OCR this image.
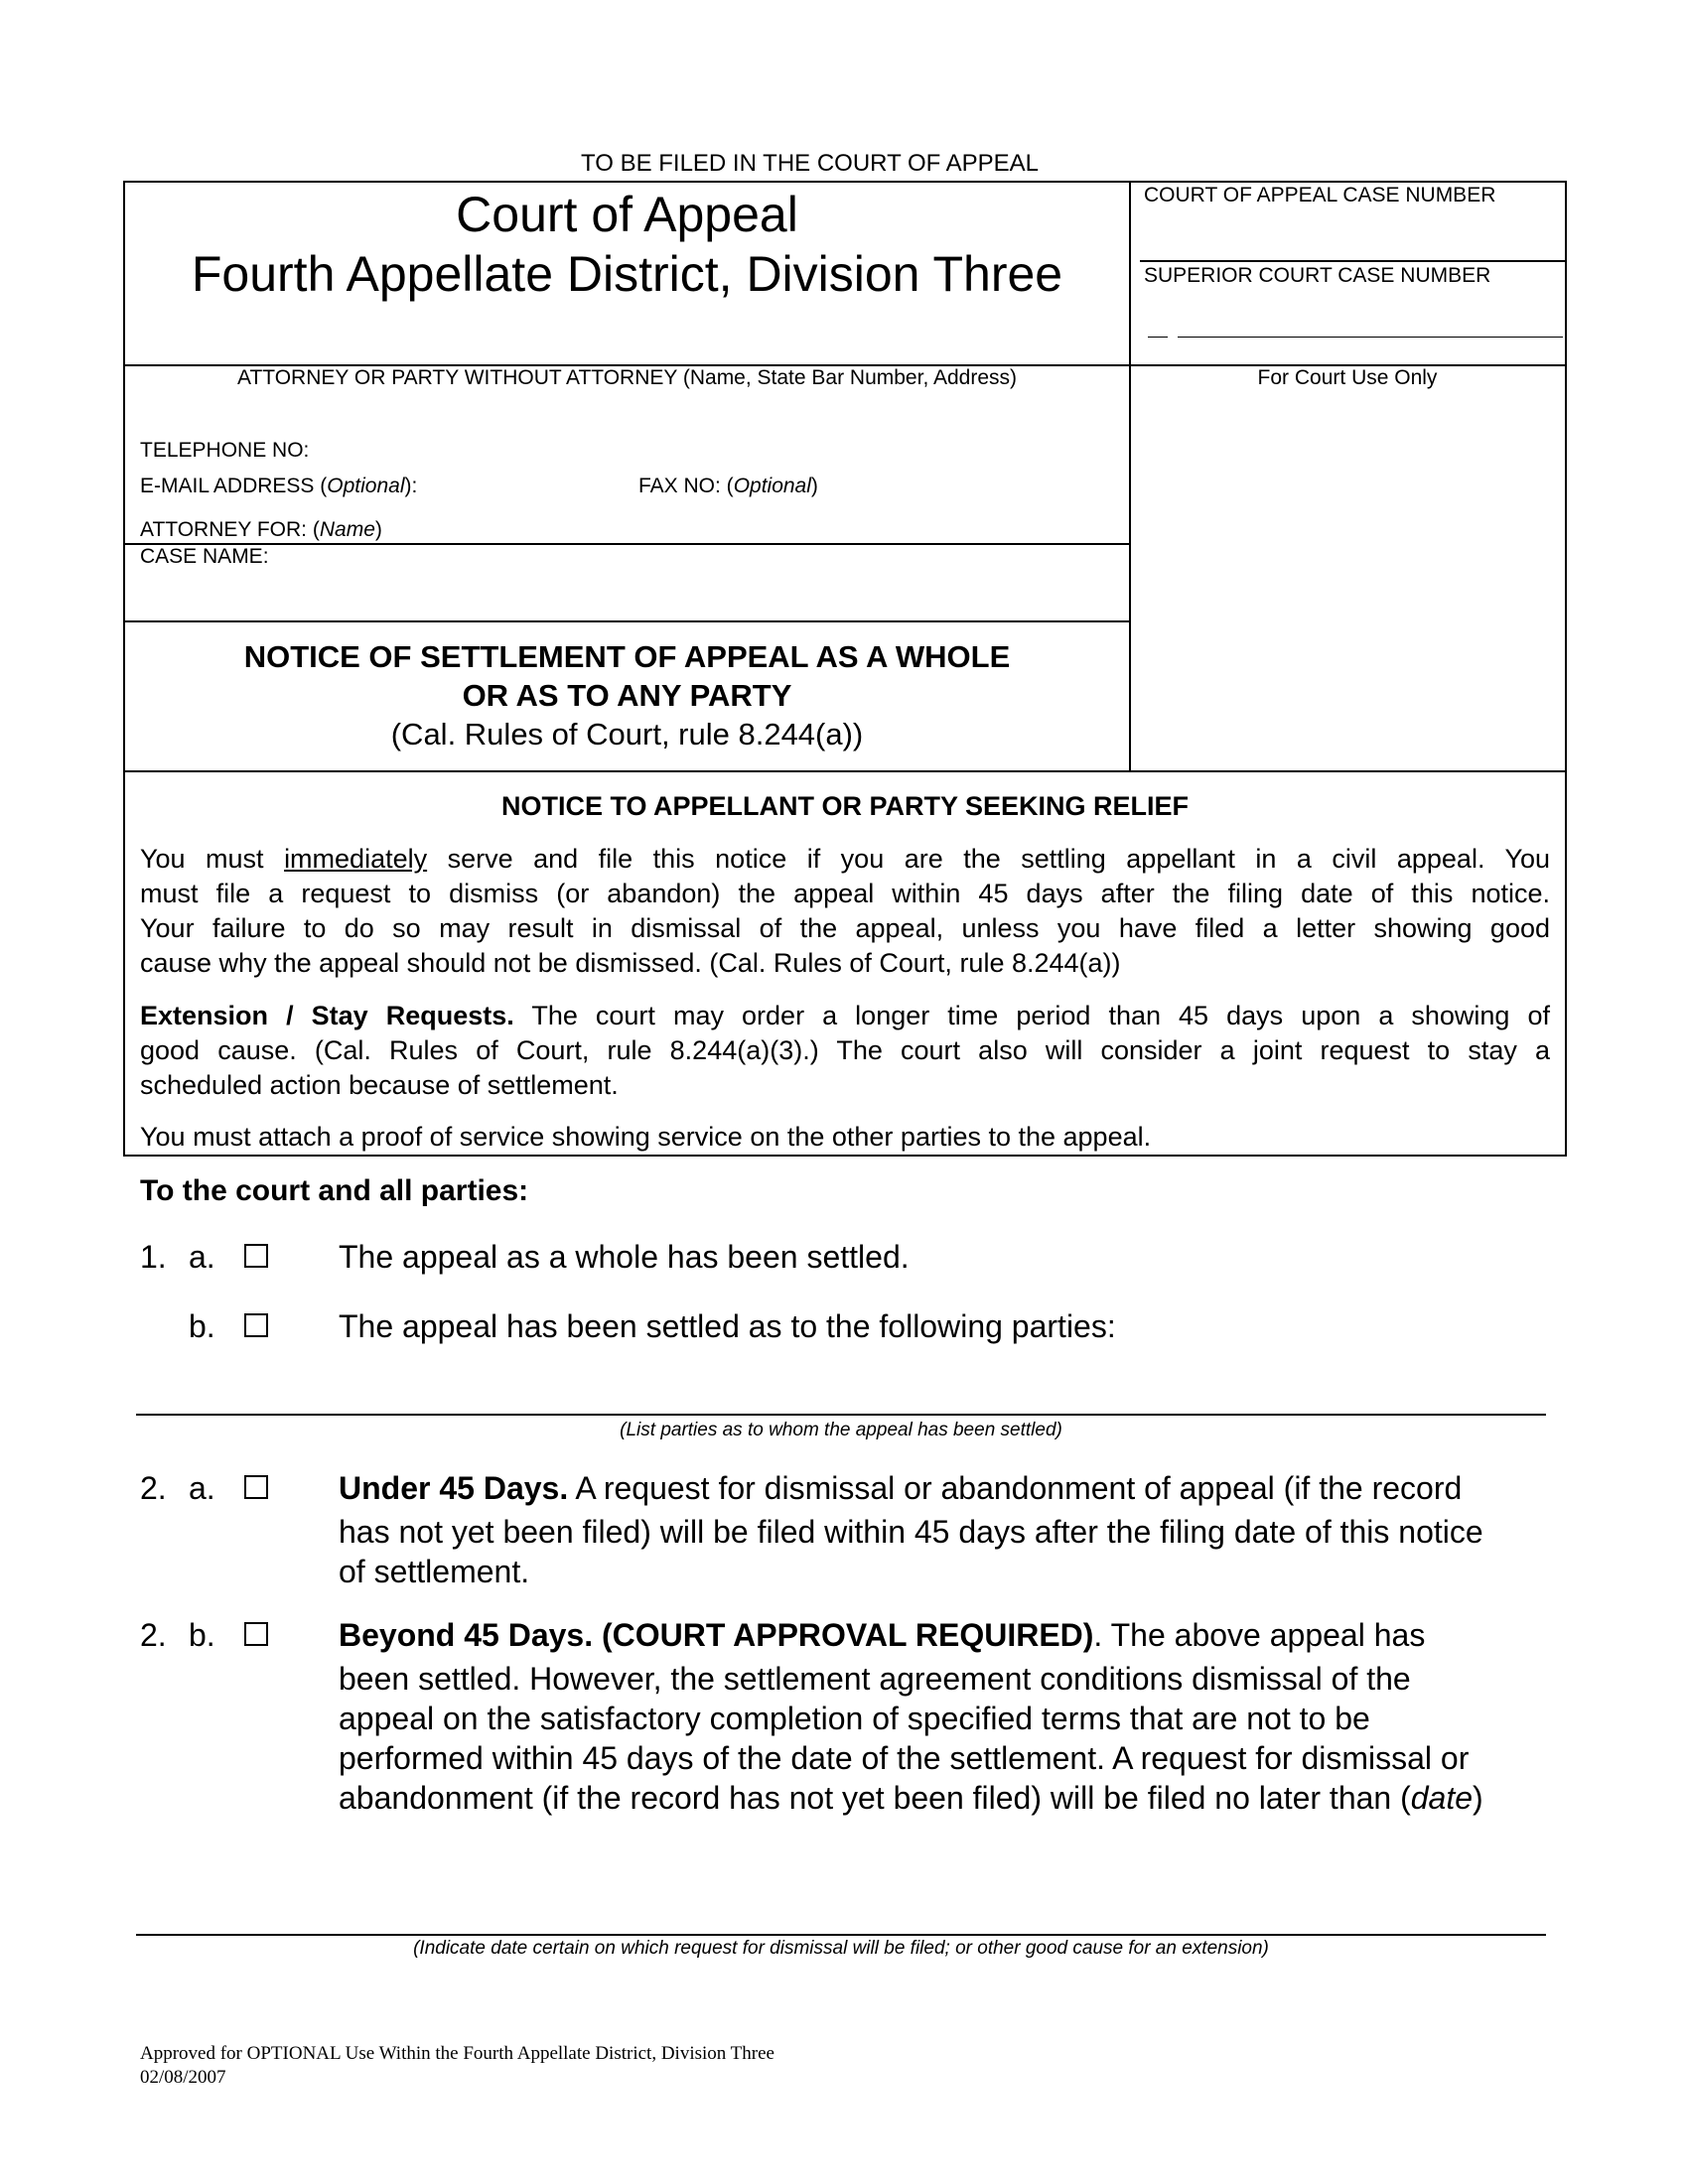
TO BE FILED IN THE COURT OF APPEAL
Court of Appeal
Fourth Appellate District, Division Three
COURT OF APPEAL CASE NUMBER
SUPERIOR COURT CASE NUMBER
ATTORNEY OR PARTY WITHOUT ATTORNEY (Name, State Bar Number, Address)
TELEPHONE NO:
E-MAIL ADDRESS (Optional):	FAX NO: (Optional)
ATTORNEY FOR: (Name)
CASE NAME:
For Court Use Only
NOTICE OF SETTLEMENT OF APPEAL AS A WHOLE
OR AS TO ANY PARTY
(Cal. Rules of Court, rule 8.244(a))
NOTICE TO APPELLANT OR PARTY SEEKING RELIEF
You must immediately serve and file this notice if you are the settling appellant in a civil appeal. You
must file a request to dismiss (or abandon) the appeal within 45 days after the filing date of this notice.
Your failure to do so may result in dismissal of the appeal, unless you have filed a letter showing good
cause why the appeal should not be dismissed. (Cal. Rules of Court, rule 8.244(a))
Extension / Stay Requests. The court may order a longer time period than 45 days upon a showing of
good cause. (Cal. Rules of Court, rule 8.244(a)(3).) The court also will consider a joint request to stay a
scheduled action because of settlement.
You must attach a proof of service showing service on the other parties to the appeal.
To the court and all parties:
1. a.	The appeal as a whole has been settled.
b.	The appeal has been settled as to the following parties:
(List parties as to whom the appeal has been settled)
2. a.	Under 45 Days. A request for dismissal or abandonment of appeal (if the record
has not yet been filed) will be filed within 45 days after the filing date of this notice
of settlement.
2. b.	Beyond 45 Days. (COURT APPROVAL REQUIRED). The above appeal has
been settled. However, the settlement agreement conditions dismissal of the
appeal on the satisfactory completion of specified terms that are not to be
performed within 45 days of the date of the settlement. A request for dismissal or
abandonment (if the record has not yet been filed) will be filed no later than (date)
(Indicate date certain on which request for dismissal will be filed; or other good cause for an extension)
Approved for OPTIONAL Use Within the Fourth Appellate District, Division Three
02/08/2007
